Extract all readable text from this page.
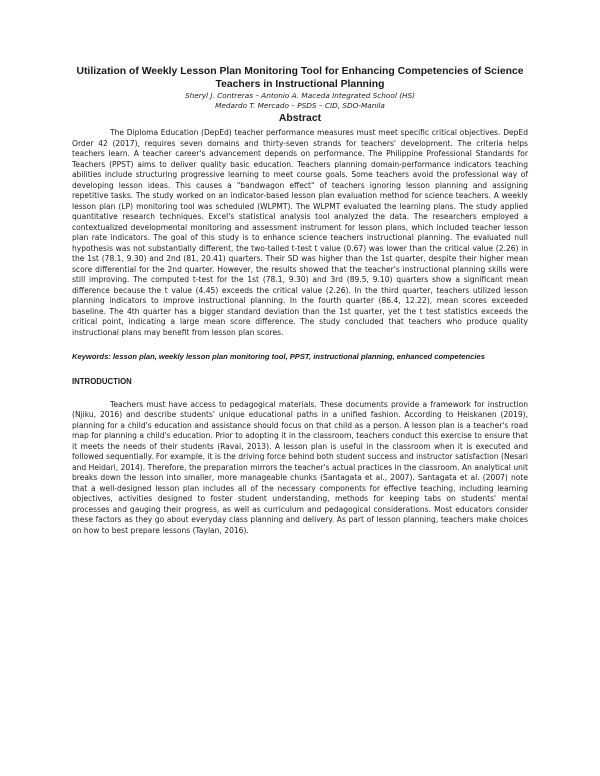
Utilization of Weekly Lesson Plan Monitoring Tool for Enhancing Competencies of Science Teachers in Instructional Planning

Sheryl J. Contreras – Antonio A. Maceda Integrated School (HS)

Medardo T. Mercado – PSDS – CID, SDO-Manila

Abstract

The Diploma Education (DepEd) teacher performance measures must meet specific critical objectives. DepEd Order 42 (2017), requires seven domains and thirty-seven strands for teachers' development. The criteria helps teachers learn. A teacher career's advancement depends on performance. The Philippine Professional Standards for Teachers (PPST) aims to deliver quality basic education. Teachers planning domain-performance indicators teaching abilities include structuring progressive learning to meet course goals. Some teachers avoid the professional way of developing lesson ideas. This causes a "bandwagon effect" of teachers ignoring lesson planning and assigning repetitive tasks. The study worked on an indicator-based lesson plan evaluation method for science teachers. A weekly lesson plan (LP) monitoring tool was scheduled (WLPMT). The WLPMT evaluated the learning plans. The study applied quantitative research techniques. Excel's statistical analysis tool analyzed the data. The researchers employed a contextualized developmental monitoring and assessment instrument for lesson plans, which included teacher lesson plan rate indicators. The goal of this study is to enhance science teachers instructional planning. The evaluated null hypothesis was not substantially different, the two-tailed t-test t value (0.67) was lower than the critical value (2.26) in the 1st (78.1, 9.30) and 2nd (81, 20.41) quarters. Their SD was higher than the 1st quarter, despite their higher mean score differential for the 2nd quarter. However, the results showed that the teacher's instructional planning skills were still improving. The computed t-test for the 1st (78.1, 9.30) and 3rd (89.5, 9.10) quarters show a significant mean difference because the t value (4.45) exceeds the critical value (2.26). In the third quarter, teachers utilized lesson planning indicators to improve instructional planning. In the fourth quarter (86.4, 12.22), mean scores exceeded baseline. The 4th quarter has a bigger standard deviation than the 1st quarter, yet the t test statistics exceeds the critical point, indicating a large mean score difference. The study concluded that teachers who produce quality instructional plans may benefit from lesson plan scores.

Keywords: lesson plan, weekly lesson plan monitoring tool, PPST, instructional planning, enhanced competencies

INTRODUCTION

Teachers must have access to pedagogical materials. These documents provide a framework for instruction (Njiku, 2016) and describe students' unique educational paths in a unified fashion. According to Heiskanen (2019), planning for a child's education and assistance should focus on that child as a person. A lesson plan is a teacher's road map for planning a child's education. Prior to adopting it in the classroom, teachers conduct this exercise to ensure that it meets the needs of their students (Ravai, 2013). A lesson plan is useful in the classroom when it is executed and followed sequentially. For example, it is the driving force behind both student success and instructor satisfaction (Nesari and Heidari, 2014). Therefore, the preparation mirrors the teacher's actual practices in the classroom. An analytical unit breaks down the lesson into smaller, more manageable chunks (Santagata et al., 2007). Santagata et al. (2007) note that a well-designed lesson plan includes all of the necessary components for effective teaching, including learning objectives, activities designed to foster student understanding, methods for keeping tabs on students' mental processes and gauging their progress, as well as curriculum and pedagogical considerations. Most educators consider these factors as they go about everyday class planning and delivery. As part of lesson planning, teachers make choices on how to best prepare lessons (Taylan, 2016).
